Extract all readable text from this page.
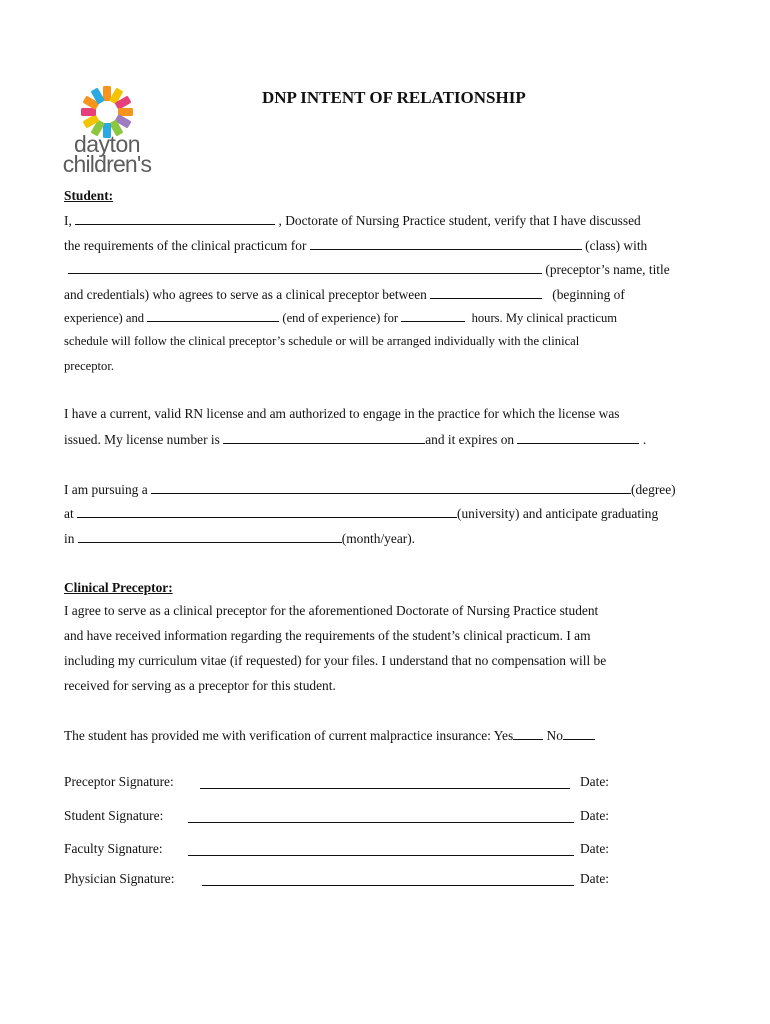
dayton
children's
DNP INTENT OF RELATIONSHIP
Student:
I,	, Doctorate of Nursing Practice student, verify that I have discussed
the requirements of the clinical practicum for	(class) with
(preceptor’s name, title
and credentials) who agrees to serve as a clinical preceptor between	(beginning of
experience) and	(end of experience) for	hours. My clinical practicum
schedule will follow the clinical preceptor’s schedule or will be arranged individually with the clinical
preceptor.
I have a current, valid RN license and am authorized to engage in the practice for which the license was
issued. My license number is	and it expires on	.
I am pursuing a	(degree)
at	(university) and anticipate graduating
in	(month/year).
Clinical Preceptor:
I agree to serve as a clinical preceptor for the aforementioned Doctorate of Nursing Practice student
and have received information regarding the requirements of the student’s clinical practicum. I am
including my curriculum vitae (if requested) for your files. I understand that no compensation will be
received for serving as a preceptor for this student.
The student has provided me with verification of current malpractice insurance: Yes No
Preceptor Signature:	Date:
Student Signature:	Date:
Faculty Signature:	Date:
Physician Signature:	Date:
